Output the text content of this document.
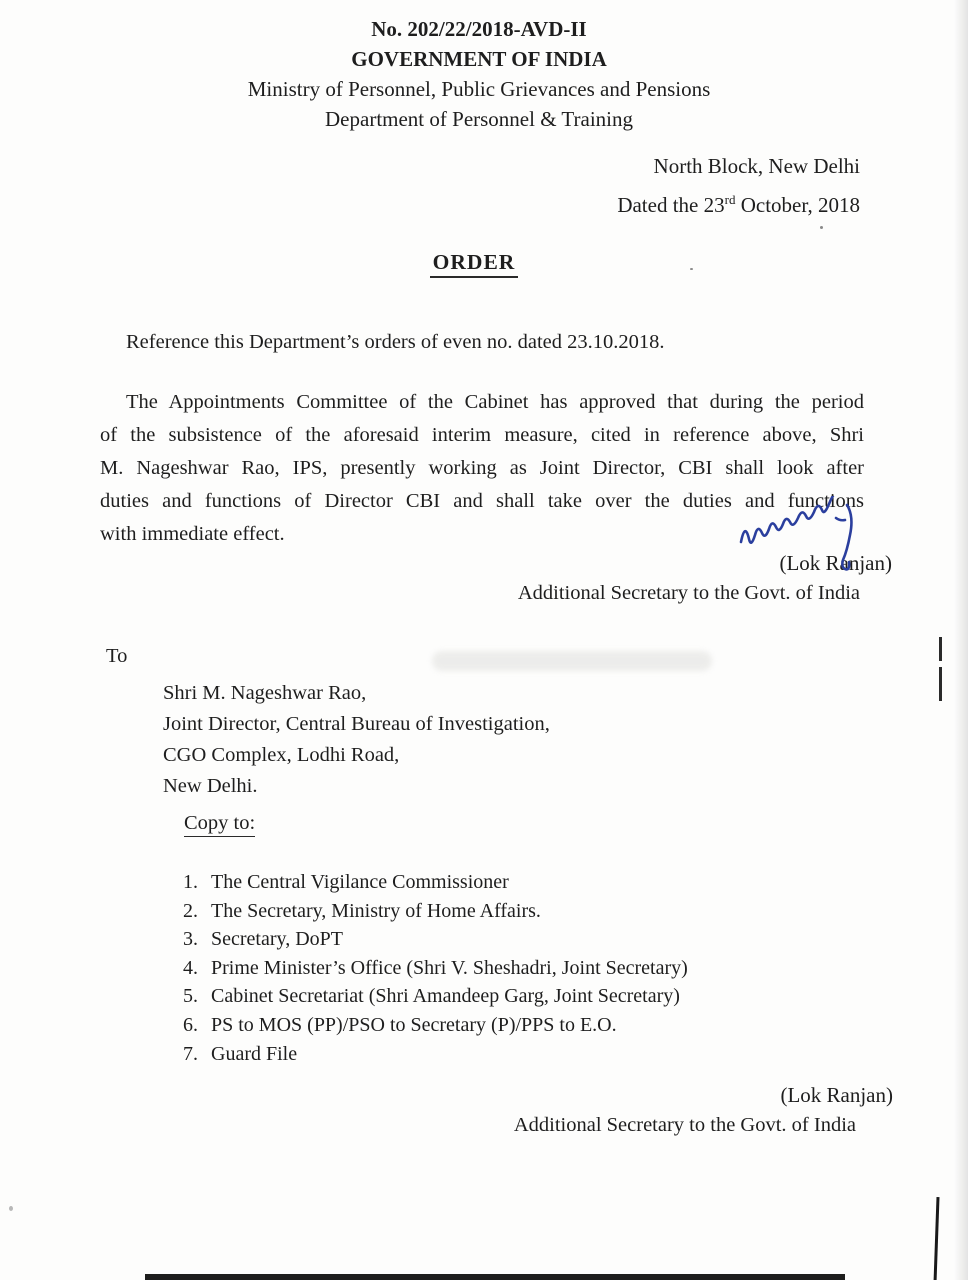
No. 202/22/2018-AVD-II
GOVERNMENT OF INDIA
Ministry of Personnel, Public Grievances and Pensions
Department of Personnel & Training
North Block, New Delhi
Dated the 23rd October, 2018
ORDER
Reference this Department’s orders of even no. dated 23.10.2018.
The Appointments Committee of the Cabinet has approved that during the period
of the subsistence of the aforesaid interim measure, cited in reference above, Shri
M. Nageshwar Rao, IPS, presently working as Joint Director, CBI shall look after
duties and functions of Director CBI and shall take over the duties and functions
with immediate effect.
(Lok Ranjan)
Additional Secretary to the Govt. of India
To
Shri M. Nageshwar Rao,
Joint Director, Central Bureau of Investigation,
CGO Complex, Lodhi Road,
New Delhi.
Copy to:
1. The Central Vigilance Commissioner
2. The Secretary, Ministry of Home Affairs.
3. Secretary, DoPT
4. Prime Minister’s Office (Shri V. Sheshadri, Joint Secretary)
5. Cabinet Secretariat (Shri Amandeep Garg, Joint Secretary)
6. PS to MOS (PP)/PSO to Secretary (P)/PPS to E.O.
7. Guard File
(Lok Ranjan)
Additional Secretary to the Govt. of India
